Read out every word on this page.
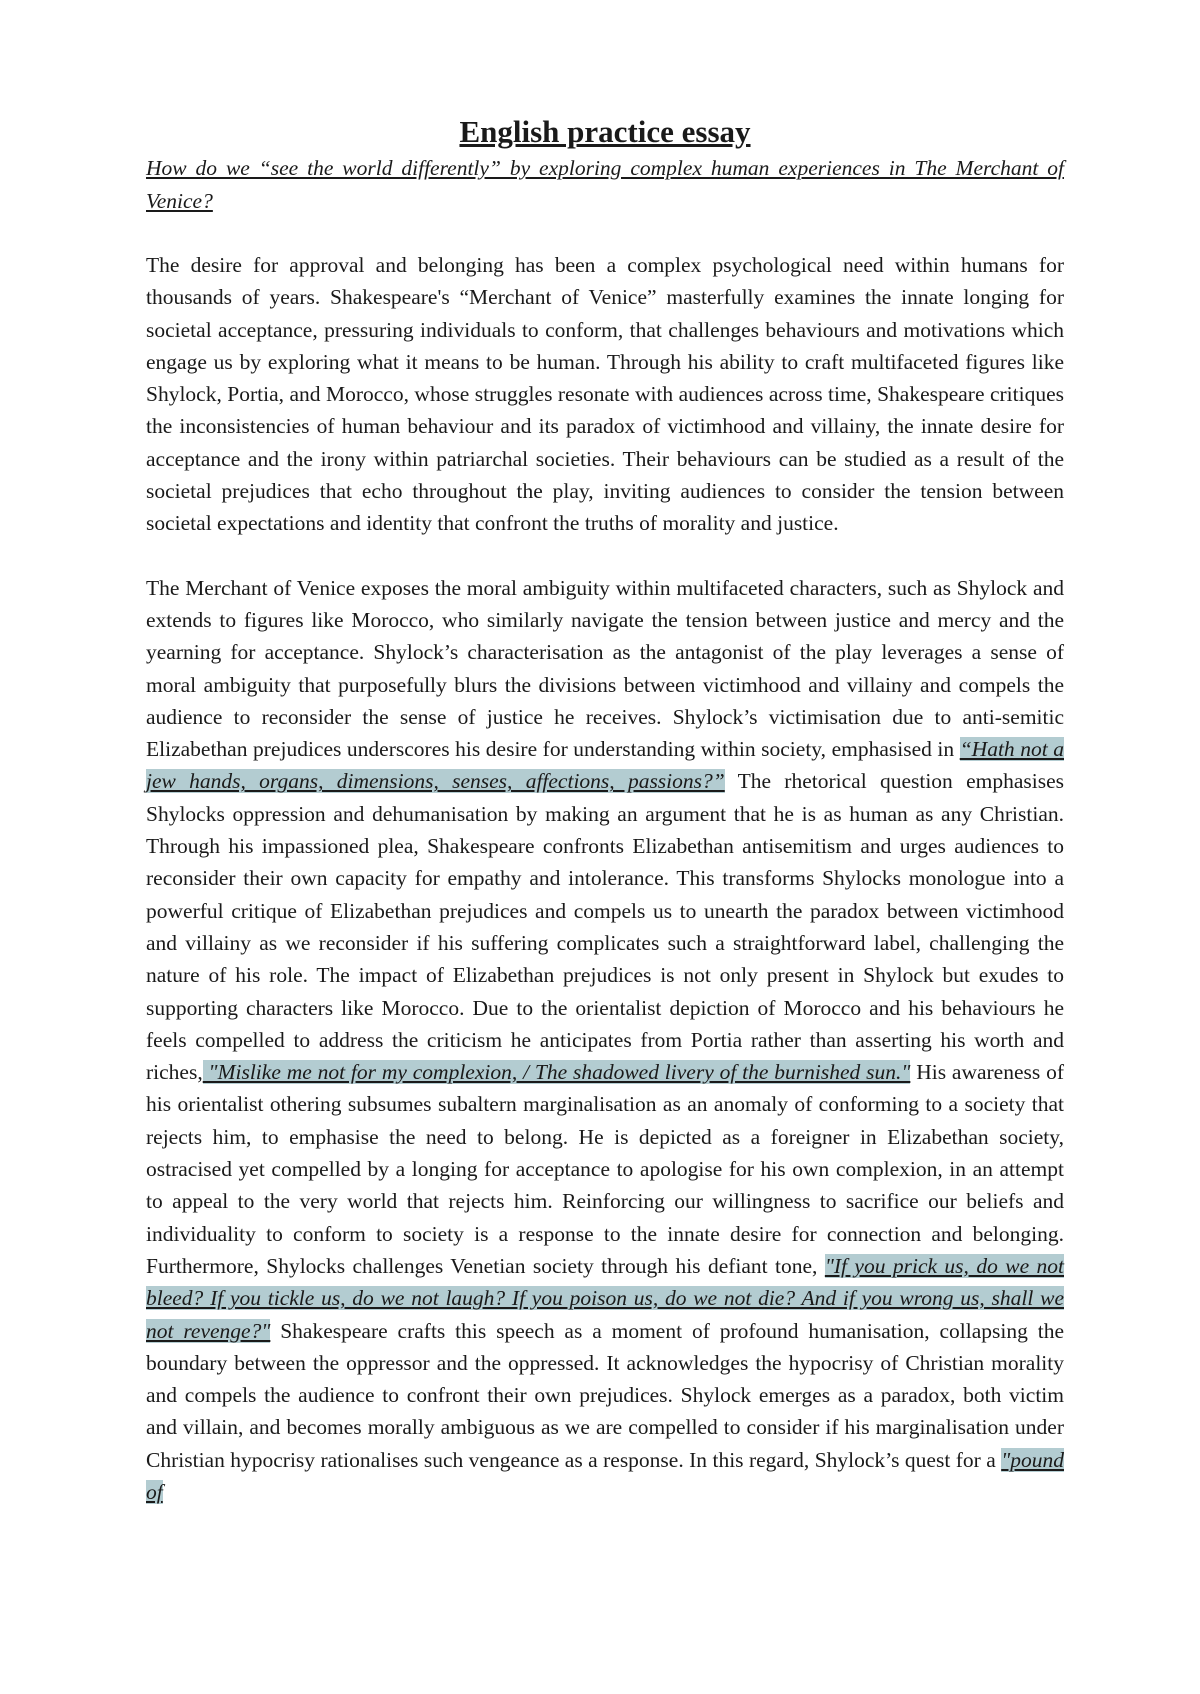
English practice essay

How do we “see the world differently” by exploring complex human experiences in The Merchant of Venice?

The desire for approval and belonging has been a complex psychological need within humans for thousands of years. Shakespeare's “Merchant of Venice” masterfully examines the innate longing for societal acceptance, pressuring individuals to conform, that challenges behaviours and motivations which engage us by exploring what it means to be human. Through his ability to craft multifaceted figures like Shylock, Portia, and Morocco, whose struggles resonate with audiences across time, Shakespeare critiques the inconsistencies of human behaviour and its paradox of victimhood and villainy, the innate desire for acceptance and the irony within patriarchal societies. Their behaviours can be studied as a result of the societal prejudices that echo throughout the play, inviting audiences to consider the tension between societal expectations and identity that confront the truths of morality and justice.

The Merchant of Venice exposes the moral ambiguity within multifaceted characters, such as Shylock and extends to figures like Morocco, who similarly navigate the tension between justice and mercy and the yearning for acceptance. Shylock’s characterisation as the antagonist of the play leverages a sense of moral ambiguity that purposefully blurs the divisions between victimhood and villainy and compels the audience to reconsider the sense of justice he receives. Shylock’s victimisation due to anti-semitic Elizabethan prejudices underscores his desire for understanding within society, emphasised in “Hath not a jew hands, organs, dimensions, senses, affections, passions?” The rhetorical question emphasises Shylocks oppression and dehumanisation by making an argument that he is as human as any Christian. Through his impassioned plea, Shakespeare confronts Elizabethan antisemitism and urges audiences to reconsider their own capacity for empathy and intolerance. This transforms Shylocks monologue into a powerful critique of Elizabethan prejudices and compels us to unearth the paradox between victimhood and villainy as we reconsider if his suffering complicates such a straightforward label, challenging the nature of his role. The impact of Elizabethan prejudices is not only present in Shylock but exudes to supporting characters like Morocco. Due to the orientalist depiction of Morocco and his behaviours he feels compelled to address the criticism he anticipates from Portia rather than asserting his worth and riches, "Mislike me not for my complexion, / The shadowed livery of the burnished sun." His awareness of his orientalist othering subsumes subaltern marginalisation as an anomaly of conforming to a society that rejects him, to emphasise the need to belong. He is depicted as a foreigner in Elizabethan society, ostracised yet compelled by a longing for acceptance to apologise for his own complexion, in an attempt to appeal to the very world that rejects him. Reinforcing our willingness to sacrifice our beliefs and individuality to conform to society is a response to the innate desire for connection and belonging. Furthermore, Shylocks challenges Venetian society through his defiant tone, "If you prick us, do we not bleed? If you tickle us, do we not laugh? If you poison us, do we not die? And if you wrong us, shall we not revenge?" Shakespeare crafts this speech as a moment of profound humanisation, collapsing the boundary between the oppressor and the oppressed. It acknowledges the hypocrisy of Christian morality and compels the audience to confront their own prejudices. Shylock emerges as a paradox, both victim and villain, and becomes morally ambiguous as we are compelled to consider if his marginalisation under Christian hypocrisy rationalises such vengeance as a response. In this regard, Shylock’s quest for a "pound of
